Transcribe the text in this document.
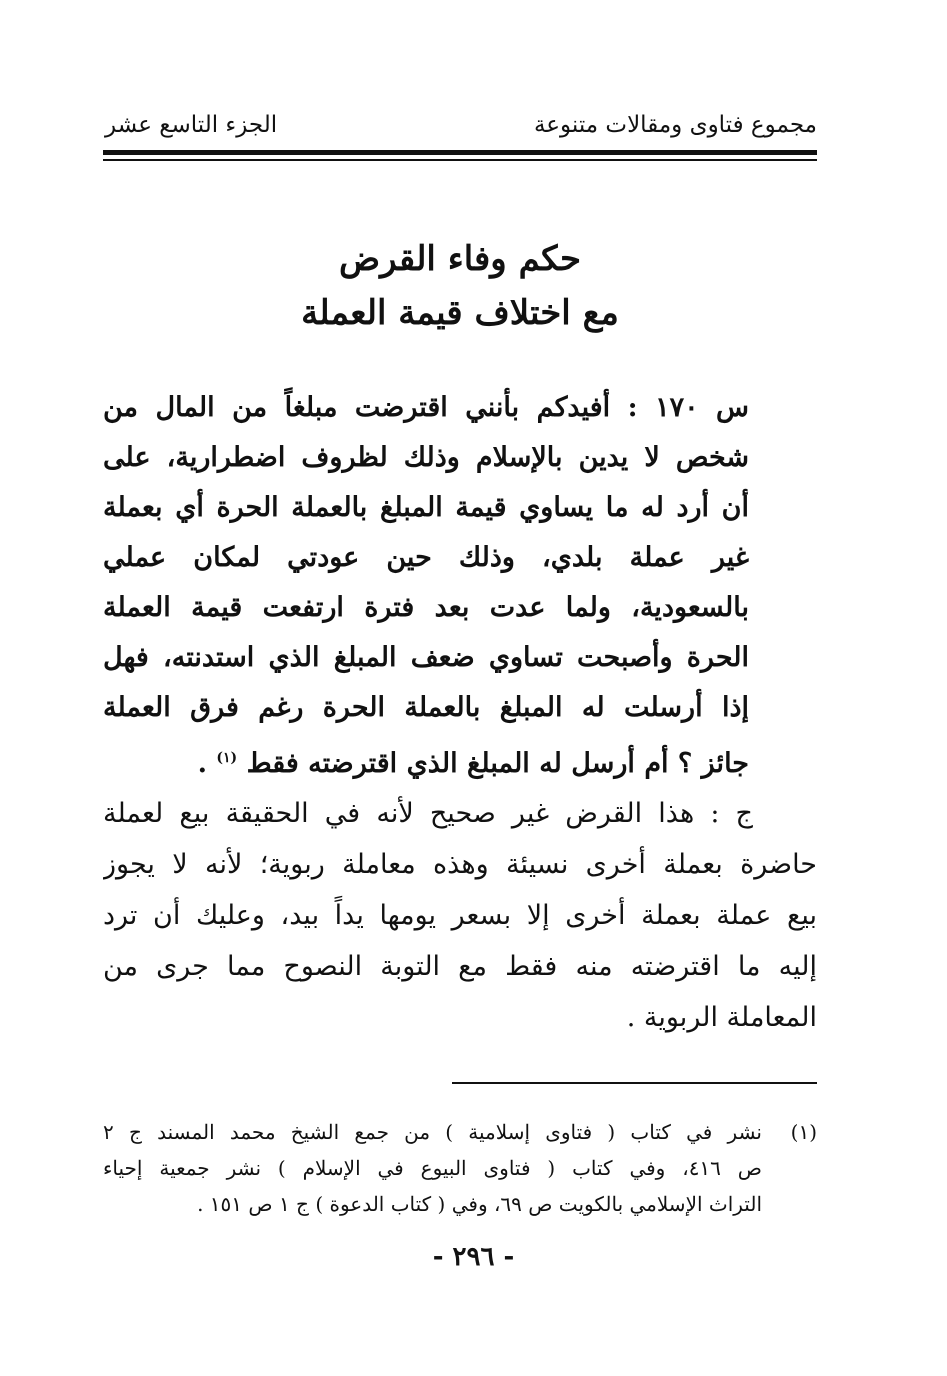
مجموع فتاوى ومقالات متنوعة
الجزء التاسع عشر
حكم وفاء القرض
مع اختلاف قيمة العملة
س ١٧٠ : أفيدكم بأنني اقترضت مبلغاً من المال من
شخص لا يدين بالإسلام وذلك لظروف اضطرارية، على
أن أرد له ما يساوي قيمة المبلغ بالعملة الحرة أي بعملة
غير عملة بلدي، وذلك حين عودتي لمكان عملي
بالسعودية، ولما عدت بعد فترة ارتفعت قيمة العملة
الحرة وأصبحت تساوي ضعف المبلغ الذي استدنته، فهل
إذا أرسلت له المبلغ بالعملة الحرة رغم فرق العملة
جائز ؟ أم أرسل له المبلغ الذي اقترضته فقط $^{(١)}$ .
ج : هذا القرض غير صحيح لأنه في الحقيقة بيع لعملة
حاضرة بعملة أخرى نسيئة وهذه معاملة ربوية؛ لأنه لا يجوز
بيع عملة بعملة أخرى إلا بسعر يومها يداً بيد، وعليك أن ترد
إليه ما اقترضته منه فقط مع التوبة النصوح مما جرى من
المعاملة الربوية .
(١)
نشر في كتاب ( فتاوى إسلامية ) من جمع الشيخ محمد المسند ج ٢
ص ٤١٦، وفي كتاب ( فتاوى البيوع في الإسلام ) نشر جمعية إحياء
التراث الإسلامي بالكويت ص ٦٩، وفي ( كتاب الدعوة ) ج ١ ص ١٥١ .
- ٢٩٦ -
